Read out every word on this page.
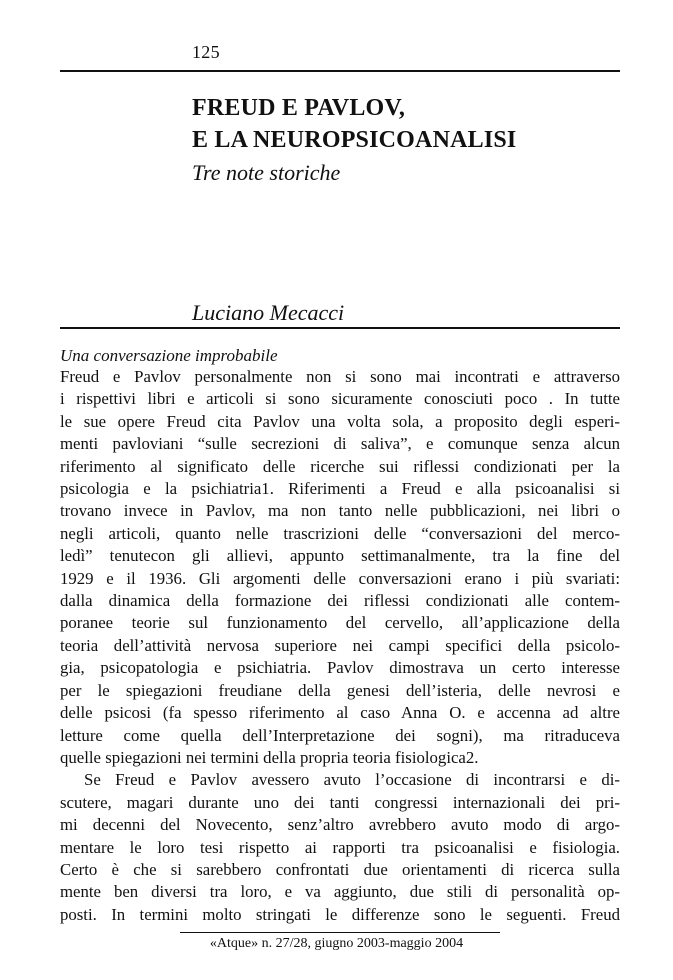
125
FREUD E PAVLOV,
E LA NEUROPSICOANALISI
Tre note storiche
Luciano Mecacci
Una conversazione improbabile
Freud e Pavlov personalmente non si sono mai incontrati e attraverso
i rispettivi libri e articoli si sono sicuramente conosciuti poco . In tutte
le sue opere Freud cita Pavlov una volta sola, a proposito degli esperi-
menti pavloviani “sulle secrezioni di saliva”, e comunque senza alcun
riferimento al significato delle ricerche sui riflessi condizionati per la
psicologia e la psichiatria1. Riferimenti a Freud e alla psicoanalisi si
trovano invece in Pavlov, ma non tanto nelle pubblicazioni, nei libri o
negli articoli, quanto nelle trascrizioni delle “conversazioni del merco-
ledì” tenutecon gli allievi, appunto settimanalmente, tra la fine del
1929 e il 1936. Gli argomenti delle conversazioni erano i più svariati:
dalla dinamica della formazione dei riflessi condizionati alle contem-
poranee teorie sul funzionamento del cervello, all’applicazione della
teoria dell’attività nervosa superiore nei campi specifici della psicolo-
gia, psicopatologia e psichiatria. Pavlov dimostrava un certo interesse
per le spiegazioni freudiane della genesi dell’isteria, delle nevrosi e
delle psicosi (fa spesso riferimento al caso Anna O. e accenna ad altre
letture come quella dell’Interpretazione dei sogni), ma ritraduceva
quelle spiegazioni nei termini della propria teoria fisiologica2.
Se Freud e Pavlov avessero avuto l’occasione di incontrarsi e di-
scutere, magari durante uno dei tanti congressi internazionali dei pri-
mi decenni del Novecento, senz’altro avrebbero avuto modo di argo-
mentare le loro tesi rispetto ai rapporti tra psicoanalisi e fisiologia.
Certo è che si sarebbero confrontati due orientamenti di ricerca sulla
mente ben diversi tra loro, e va aggiunto, due stili di personalità op-
posti. In termini molto stringati le differenze sono le seguenti. Freud
«Atque» n. 27/28, giugno 2003-maggio 2004
